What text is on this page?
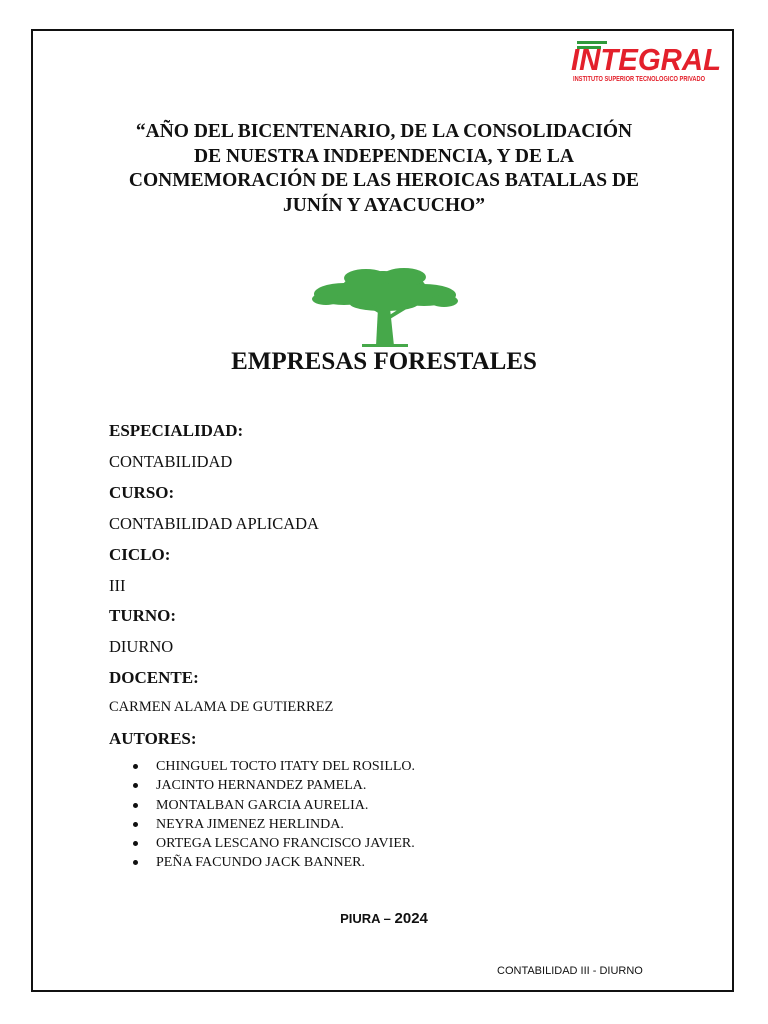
INTEGRAL
INSTITUTO SUPERIOR TECNOLOGICO PRIVADO
“AÑO DEL BICENTENARIO, DE LA CONSOLIDACIÓN
DE NUESTRA INDEPENDENCIA, Y DE LA
CONMEMORACIÓN DE LAS HEROICAS BATALLAS DE
JUNÍN Y AYACUCHO”
EMPRESAS FORESTALES
ESPECIALIDAD:
CONTABILIDAD
CURSO:
CONTABILIDAD APLICADA
CICLO:
III
TURNO:
DIURNO
DOCENTE:
CARMEN ALAMA DE GUTIERREZ
AUTORES:
CHINGUEL TOCTO ITATY DEL ROSILLO.
JACINTO HERNANDEZ PAMELA.
MONTALBAN GARCIA AURELIA.
NEYRA JIMENEZ HERLINDA.
ORTEGA LESCANO FRANCISCO JAVIER.
PEÑA FACUNDO JACK BANNER.
PIURA – 2024
CONTABILIDAD III - DIURNO
